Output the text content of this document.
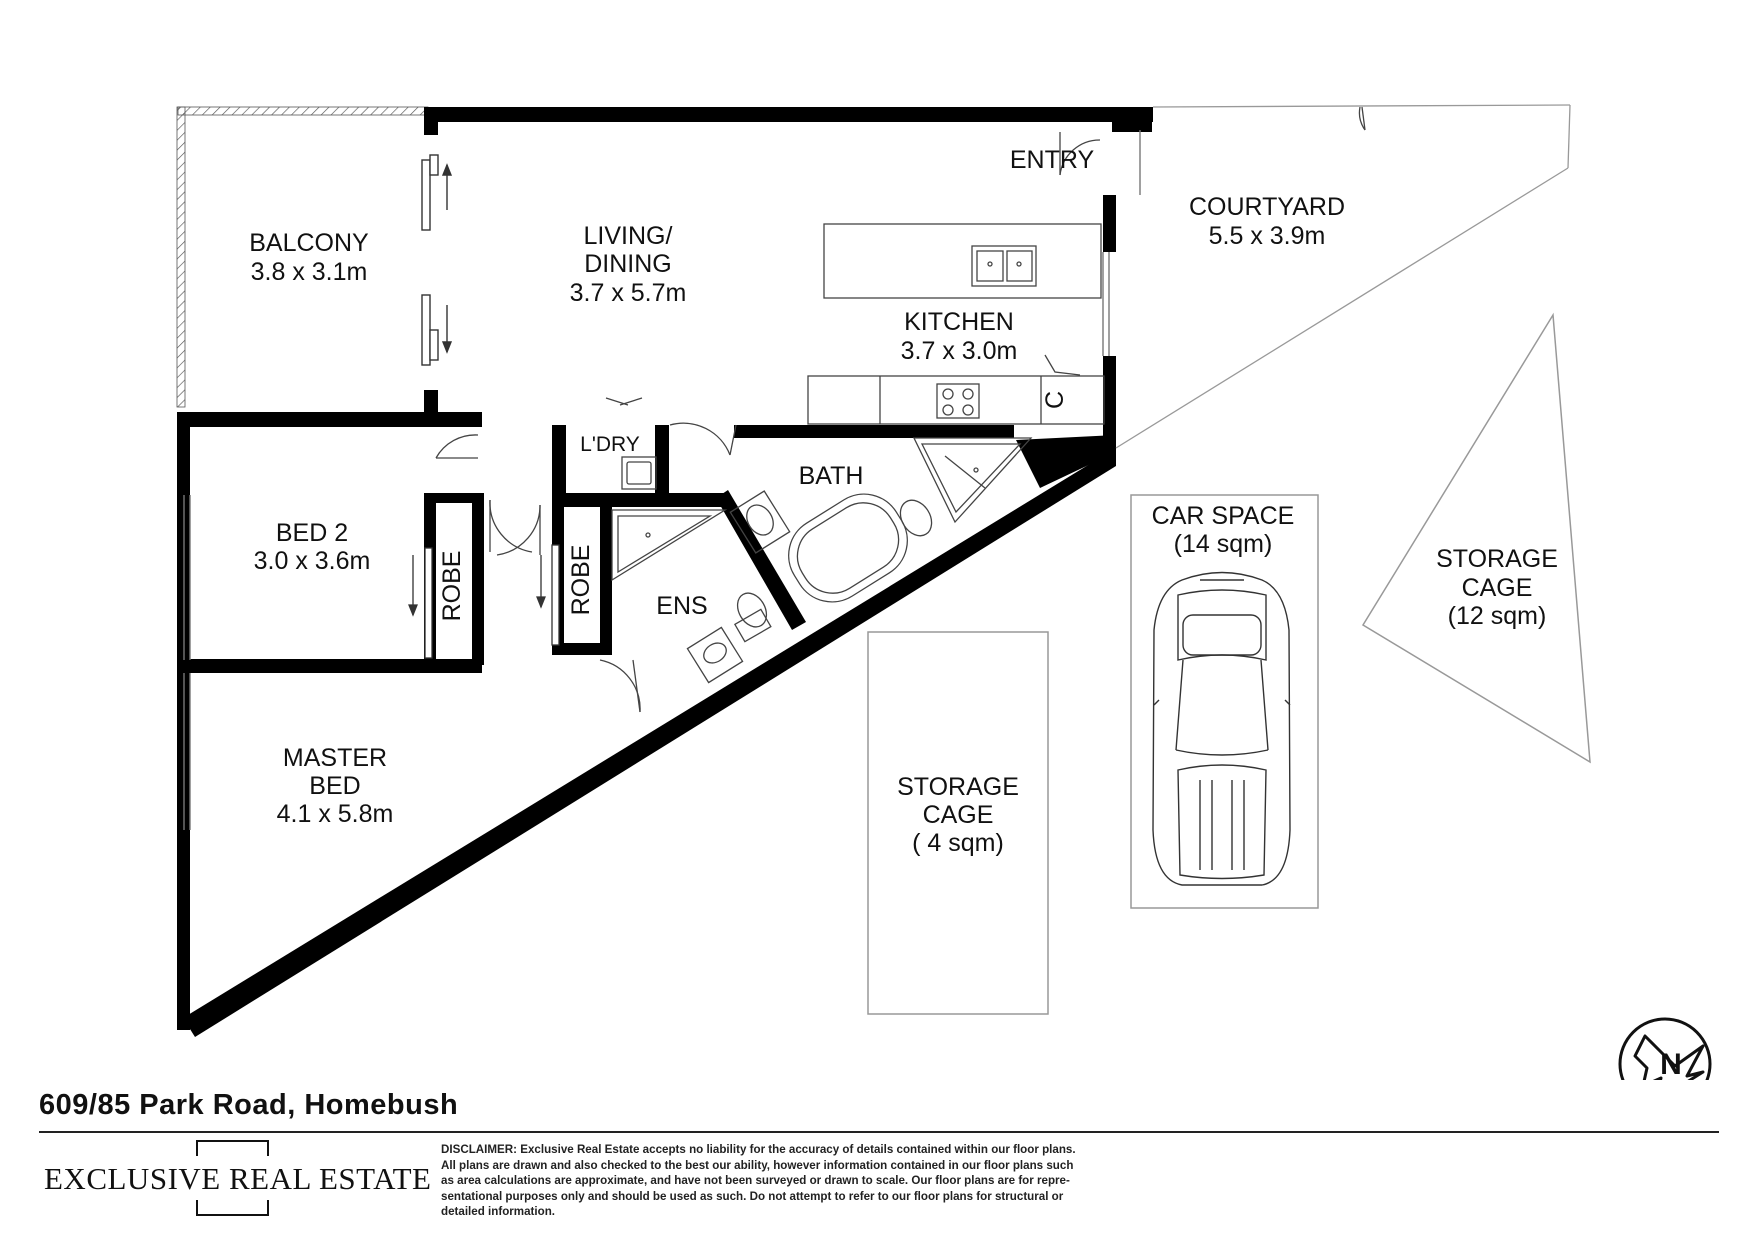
BALCONY
3.8 x 3.1m
LIVING/
DINING
3.7 x 5.7m
ENTRY
COURTYARD
5.5 x 3.9m
KITCHEN
3.7 x 3.0m
C
L'DRY
BATH
BED 2
3.0 x 3.6m	ROBE	ROBE ENS
MASTER
BED
4.1 x 5.8m
CAR SPACE
(14 sqm)
STORAGE
CAGE
(12 sqm)
STORAGE
CAGE
( 4 sqm)
N
609/85 Park Road, Homebush
EXCLUSIVE REAL ESTATE
DISCLAIMER: Exclusive Real Estate accepts no liability for the accuracy of details contained within our floor plans.
All plans are drawn and also checked to the best our ability, however information contained in our floor plans such
as area calculations are approximate, and have not been surveyed or drawn to scale. Our floor plans are for repre-
sentational purposes only and should be used as such. Do not attempt to refer to our floor plans for structural or
detailed information.
